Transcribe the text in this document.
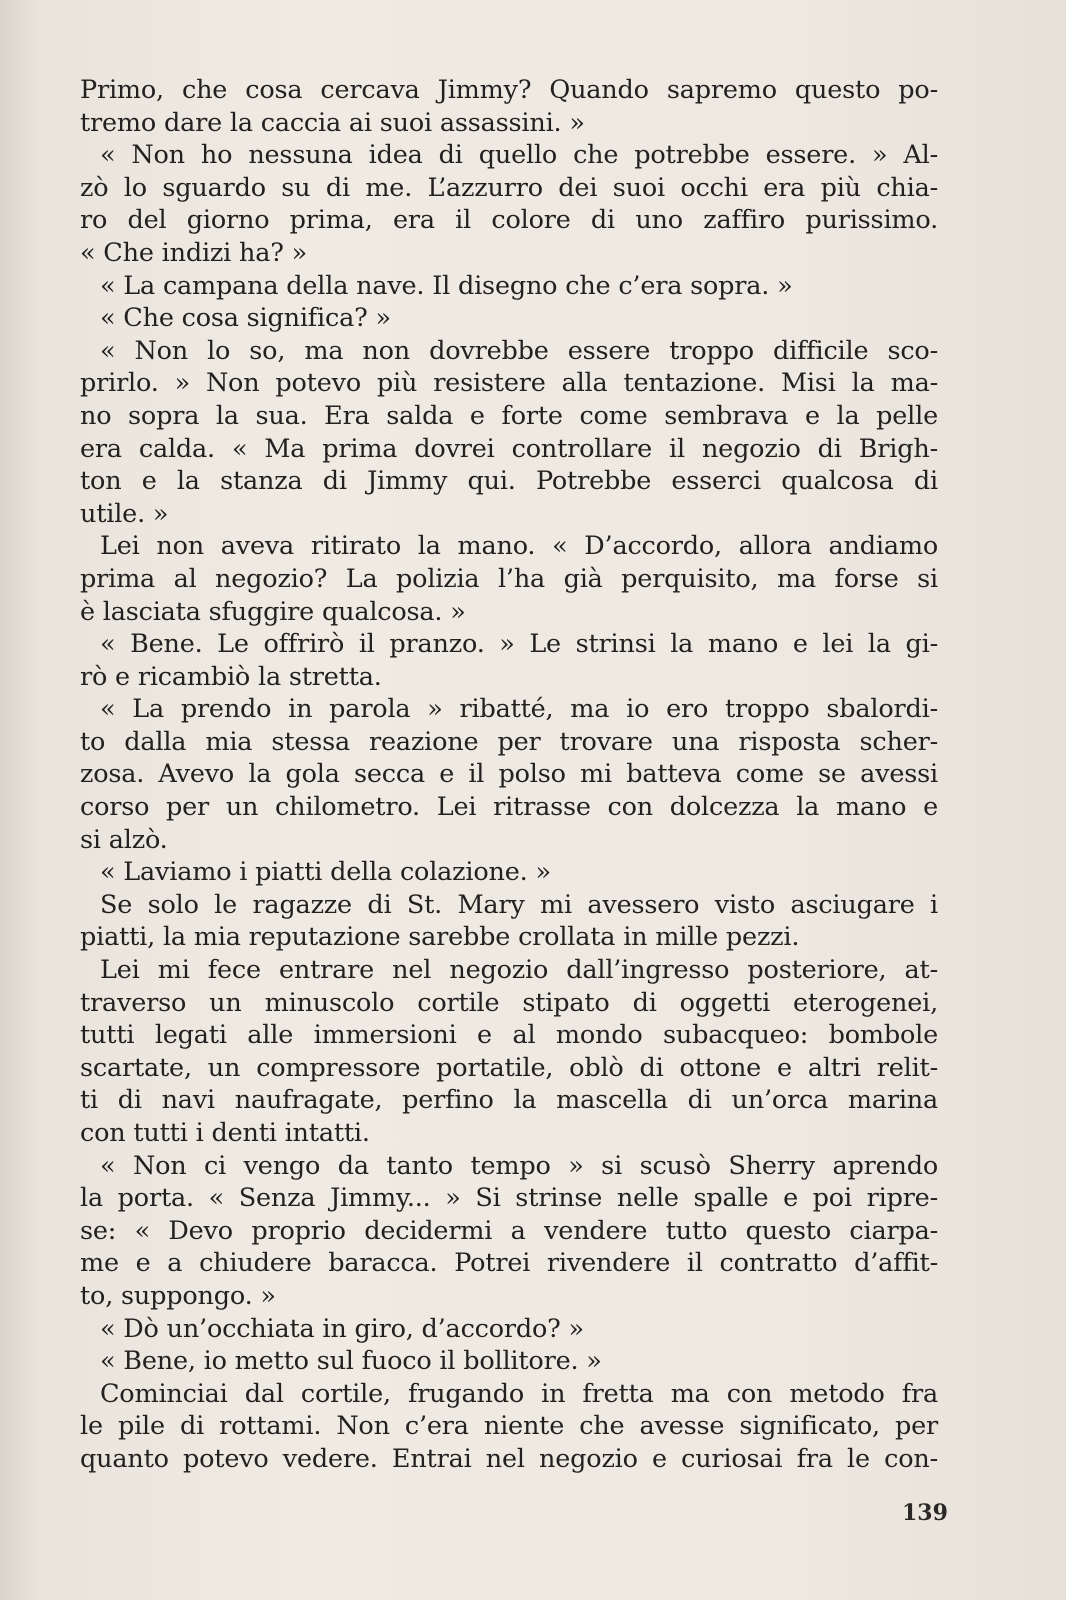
Primo, che cosa cercava Jimmy? Quando sapremo questo po-
tremo dare la caccia ai suoi assassini. »
« Non ho nessuna idea di quello che potrebbe essere. » Al-
zò lo sguardo su di me. L’azzurro dei suoi occhi era più chia-
ro del giorno prima, era il colore di uno zaffiro purissimo.
« Che indizi ha? »
« La campana della nave. Il disegno che c’era sopra. »
« Che cosa significa? »
« Non lo so, ma non dovrebbe essere troppo difficile sco-
prirlo. » Non potevo più resistere alla tentazione. Misi la ma-
no sopra la sua. Era salda e forte come sembrava e la pelle
era calda. « Ma prima dovrei controllare il negozio di Brigh-
ton e la stanza di Jimmy qui. Potrebbe esserci qualcosa di
utile. »
Lei non aveva ritirato la mano. « D’accordo, allora andiamo
prima al negozio? La polizia l’ha già perquisito, ma forse si
è lasciata sfuggire qualcosa. »
« Bene. Le offrirò il pranzo. » Le strinsi la mano e lei la gi-
rò e ricambiò la stretta.
« La prendo in parola » ribatté, ma io ero troppo sbalordi-
to dalla mia stessa reazione per trovare una risposta scher-
zosa. Avevo la gola secca e il polso mi batteva come se avessi
corso per un chilometro. Lei ritrasse con dolcezza la mano e
si alzò.
« Laviamo i piatti della colazione. »
Se solo le ragazze di St. Mary mi avessero visto asciugare i
piatti, la mia reputazione sarebbe crollata in mille pezzi.
Lei mi fece entrare nel negozio dall’ingresso posteriore, at-
traverso un minuscolo cortile stipato di oggetti eterogenei,
tutti legati alle immersioni e al mondo subacqueo: bombole
scartate, un compressore portatile, oblò di ottone e altri relit-
ti di navi naufragate, perfino la mascella di un’orca marina
con tutti i denti intatti.
« Non ci vengo da tanto tempo » si scusò Sherry aprendo
la porta. « Senza Jimmy... » Si strinse nelle spalle e poi ripre-
se: « Devo proprio decidermi a vendere tutto questo ciarpa-
me e a chiudere baracca. Potrei rivendere il contratto d’affit-
to, suppongo. »
« Dò un’occhiata in giro, d’accordo? »
« Bene, io metto sul fuoco il bollitore. »
Cominciai dal cortile, frugando in fretta ma con metodo fra
le pile di rottami. Non c’era niente che avesse significato, per
quanto potevo vedere. Entrai nel negozio e curiosai fra le con-
139
